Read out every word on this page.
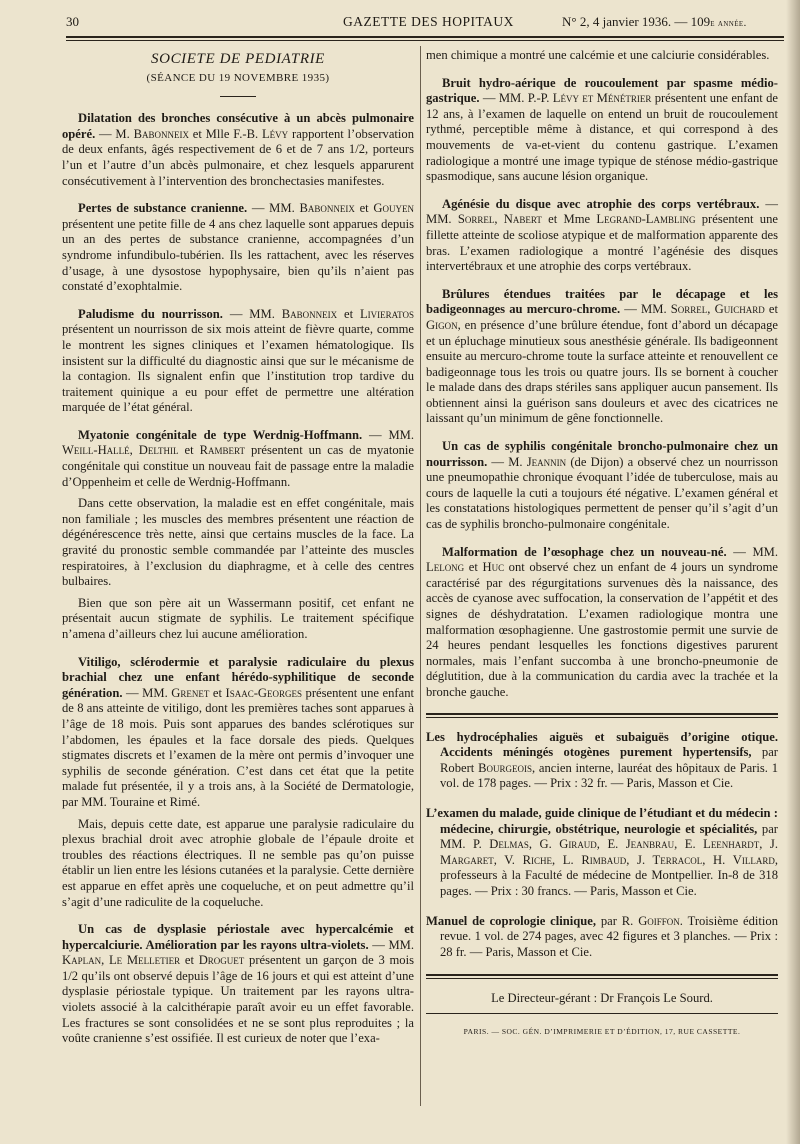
30	GAZETTE DES HOPITAUX	N° 2, 4 janvier 1936. — 109e année.
SOCIETE DE PEDIATRIE
(SÉANCE DU 19 NOVEMBRE 1935)

Dilatation des bronches consécutive à un abcès pulmonaire opéré. — M. Babonneix et Mlle F.-B. Lévy rapportent l’observation de deux enfants, âgés respectivement de 6 et de 7 ans 1/2, porteurs l’un et l’autre d’un abcès pulmonaire, et chez lesquels apparurent consécutivement à l’intervention des bronchectasies manifestes.

Pertes de substance cranienne. — MM. Babonneix et Gouyen présentent une petite fille de 4 ans chez laquelle sont apparues depuis un an des pertes de substance cranienne, accompagnées d’un syndrome infundibulo-tubérien. Ils les rattachent, avec les réserves d’usage, à une dysostose hypophysaire, bien qu’ils n’aient pas constaté d’exophtalmie.

Paludisme du nourrisson. — MM. Babonneix et Livieratos présentent un nourrisson de six mois atteint de fièvre quarte, comme le montrent les signes cliniques et l’examen hématologique. Ils insistent sur la difficulté du diagnostic ainsi que sur le mécanisme de la contagion. Ils signalent enfin que l’institution trop tardive du traitement quinique a eu pour effet de permettre une altération marquée de l’état général.

Myatonie congénitale de type Werdnig-Hoffmann. — MM. Weill-Hallé, Delthil et Rambert présentent un cas de myatonie congénitale qui constitue un nouveau fait de passage entre la maladie d’Oppenheim et celle de Werdnig-Hoffmann.

Dans cette observation, la maladie est en effet congénitale, mais non familiale ; les muscles des membres présentent une réaction de dégénérescence très nette, ainsi que certains muscles de la face. La gravité du pronostic semble commandée par l’atteinte des muscles respiratoires, à l’exclusion du diaphragme, et à celle des centres bulbaires.

Bien que son père ait un Wassermann positif, cet enfant ne présentait aucun stigmate de syphilis. Le traitement spécifique n’amena d’ailleurs chez lui aucune amélioration.

Vitiligo, sclérodermie et paralysie radiculaire du plexus brachial chez une enfant hérédo-syphilitique de seconde génération. — MM. Grenet et Isaac-Georges présentent une enfant de 8 ans atteinte de vitiligo, dont les premières taches sont apparues à l’âge de 18 mois. Puis sont apparues des bandes sclérotiques sur l’abdomen, les épaules et la face dorsale des pieds. Quelques stigmates discrets et l’examen de la mère ont permis d’invoquer une syphilis de seconde génération. C’est dans cet état que la petite malade fut présentée, il y a trois ans, à la Société de Dermatologie, par MM. Touraine et Rimé.

Mais, depuis cette date, est apparue une paralysie radiculaire du plexus brachial droit avec atrophie globale de l’épaule droite et troubles des réactions électriques. Il ne semble pas qu’on puisse établir un lien entre les lésions cutanées et la paralysie. Cette dernière est apparue en effet après une coqueluche, et on peut admettre qu’il s’agit d’une radiculite de la coqueluche.

Un cas de dysplasie périostale avec hypercalcémie et hypercalciurie. Amélioration par les rayons ultra-violets. — MM. Kaplan, Le Melletier et Droguet présentent un garçon de 3 mois 1/2 qu’ils ont observé depuis l’âge de 16 jours et qui est atteint d’une dysplasie périostale typique. Un traitement par les rayons ultra-violets associé à la calcithérapie paraît avoir eu un effet favorable. Les fractures se sont consolidées et ne se sont plus reproduites ; la voûte cranienne s’est ossifiée. Il est curieux de noter que l’exa-

men chimique a montré une calcémie et une calciurie considérables.

Bruit hydro-aérique de roucoulement par spasme médio-gastrique. — MM. P.-P. Lévy et Ménétrier présentent une enfant de 12 ans, à l’examen de laquelle on entend un bruit de roucoulement rythmé, perceptible même à distance, et qui correspond à des mouvements de va-et-vient du contenu gastrique. L’examen radiologique a montré une image typique de sténose médio-gastrique spasmodique, sans aucune lésion organique.

Agénésie du disque avec atrophie des corps vertébraux. — MM. Sorrel, Nabert et Mme Legrand-Lambling présentent une fillette atteinte de scoliose atypique et de malformation apparente des bras. L’examen radiologique a montré l’agénésie des disques intervertébraux et une atrophie des corps vertébraux.

Brûlures étendues traitées par le décapage et les badigeonnages au mercuro-chrome. — MM. Sorrel, Guichard et Gigon, en présence d’une brûlure étendue, font d’abord un décapage et un épluchage minutieux sous anesthésie générale. Ils badigeonnent ensuite au mercuro-chrome toute la surface atteinte et renouvellent ce badigeonnage tous les trois ou quatre jours. Ils se bornent à coucher le malade dans des draps stériles sans appliquer aucun pansement. Ils obtiennent ainsi la guérison sans douleurs et avec des cicatrices ne laissant qu’un minimum de gêne fonctionnelle.

Un cas de syphilis congénitale broncho-pulmonaire chez un nourrisson. — M. Jeannin (de Dijon) a observé chez un nourrisson une pneumopathie chronique évoquant l’idée de tuberculose, mais au cours de laquelle la cuti a toujours été négative. L’examen général et les constatations histologiques permettent de penser qu’il s’agit d’un cas de syphilis broncho-pulmonaire congénitale.

Malformation de l’œsophage chez un nouveau-né. — MM. Lelong et Huc ont observé chez un enfant de 4 jours un syndrome caractérisé par des régurgitations survenues dès la naissance, des accès de cyanose avec suffocation, la conservation de l’appétit et des signes de déshydratation. L’examen radiologique montra une malformation œsophagienne. Une gastrostomie permit une survie de 24 heures pendant lesquelles les fonctions digestives parurent normales, mais l’enfant succomba à une broncho-pneumonie de déglutition, due à la communication du cardia avec la trachée et la bronche gauche.

Les hydrocéphalies aiguës et subaiguës d’origine otique. Accidents méningés otogènes purement hypertensifs, par Robert Bourgeois, ancien interne, lauréat des hôpitaux de Paris. 1 vol. de 178 pages. — Prix : 32 fr. — Paris, Masson et Cie.

L’examen du malade, guide clinique de l’étudiant et du médecin : médecine, chirurgie, obstétrique, neurologie et spécialités, par MM. P. Delmas, G. Giraud, E. Jeanbrau, E. Leenhardt, J. Margaret, V. Riche, L. Rimbaud, J. Terracol, H. Villard, professeurs à la Faculté de médecine de Montpellier. In-8 de 318 pages. — Prix : 30 francs. — Paris, Masson et Cie.

Manuel de coprologie clinique, par R. Goiffon. Troisième édition revue. 1 vol. de 274 pages, avec 42 figures et 3 planches. — Prix : 28 fr. — Paris, Masson et Cie.

Le Directeur-gérant : Dr François Le Sourd.
PARIS. — SOC. GÉN. D’IMPRIMERIE ET D’ÉDITION, 17, RUE CASSETTE.
